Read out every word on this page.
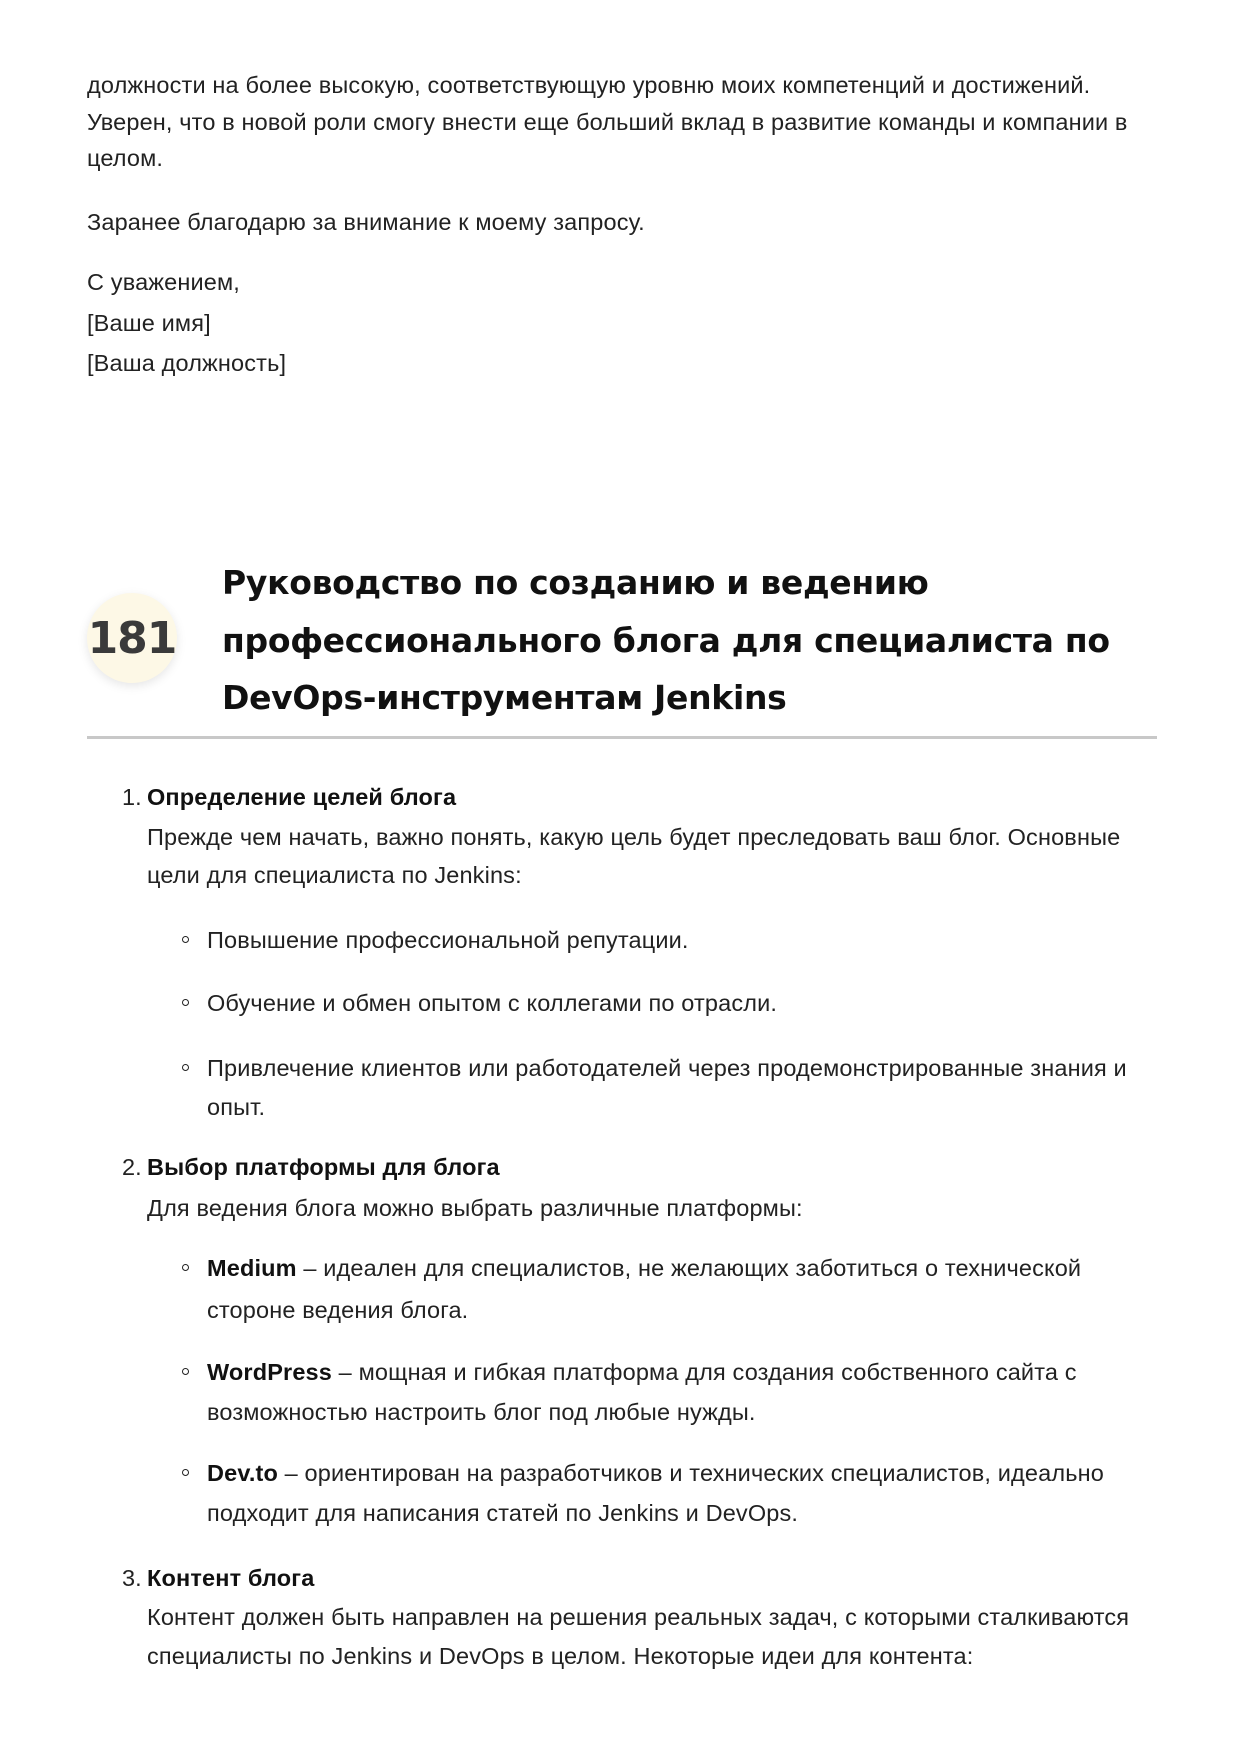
должности на более высокую, соответствующую уровню моих компетенций и достижений.
Уверен, что в новой роли смогу внести еще больший вклад в развитие команды и компании в
целом.
Заранее благодарю за внимание к моему запросу.
С уважением,
[Ваше имя]
[Ваша должность]
181
Руководство по созданию и ведению
профессионального блога для специалиста по
DevOps-инструментам Jenkins
1. Определение целей блога
Прежде чем начать, важно понять, какую цель будет преследовать ваш блог. Основные
цели для специалиста по Jenkins:
Повышение профессиональной репутации.
Обучение и обмен опытом с коллегами по отрасли.
Привлечение клиентов или работодателей через продемонстрированные знания и
опыт.
2. Выбор платформы для блога
Для ведения блога можно выбрать различные платформы:
Medium – идеален для специалистов, не желающих заботиться о технической
стороне ведения блога.
WordPress – мощная и гибкая платформа для создания собственного сайта с
возможностью настроить блог под любые нужды.
Dev.to – ориентирован на разработчиков и технических специалистов, идеально
подходит для написания статей по Jenkins и DevOps.
3. Контент блога
Контент должен быть направлен на решения реальных задач, с которыми сталкиваются
специалисты по Jenkins и DevOps в целом. Некоторые идеи для контента:
